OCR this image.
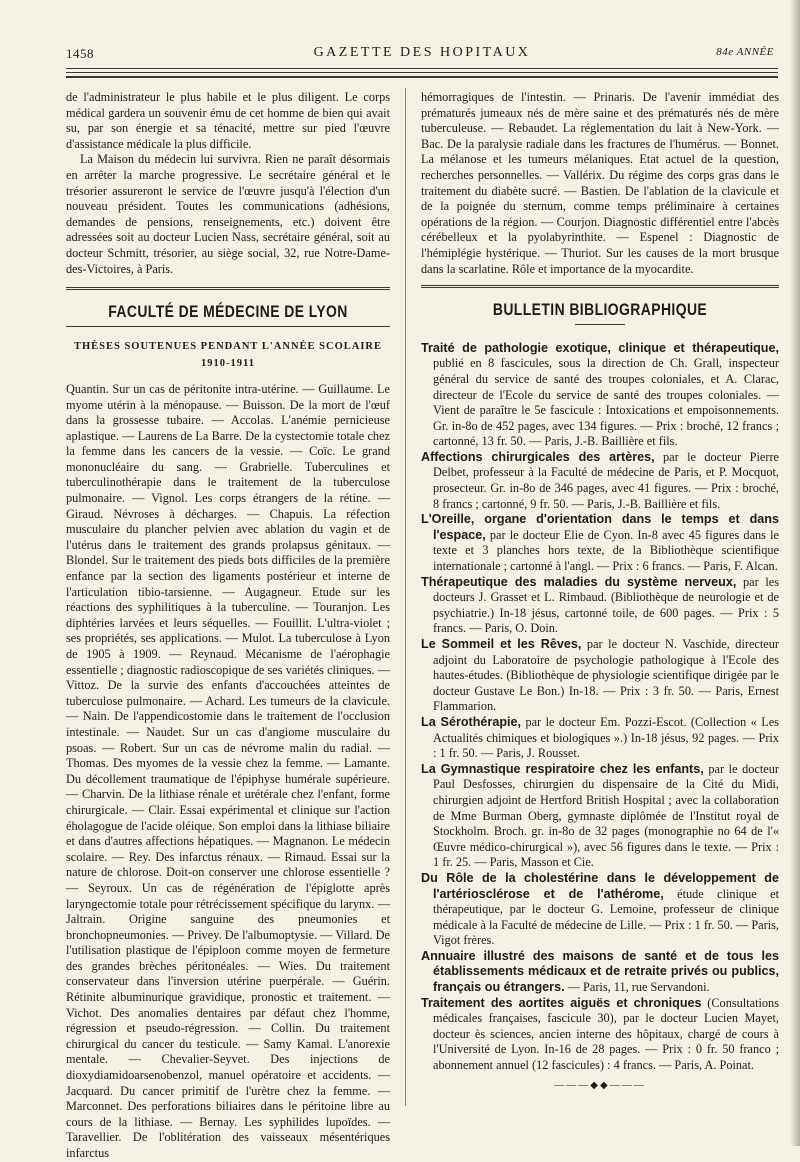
1458	GAZETTE DES HOPITAUX	84e ANNÉE

de l'administrateur le plus habile et le plus diligent. Le corps médical gardera un souvenir ému de cet homme de bien qui avait su, par son énergie et sa ténacité, mettre sur pied l'œuvre d'assistance médicale la plus difficile.

La Maison du médecin lui survivra. Rien ne paraît désormais en arrêter la marche progressive. Le secrétaire général et le trésorier assureront le service de l'œuvre jusqu'à l'élection d'un nouveau président. Toutes les communications (adhésions, demandes de pensions, renseignements, etc.) doivent être adressées soit au docteur Lucien Nass, secrétaire général, soit au docteur Schmitt, trésorier, au siège social, 32, rue Notre-Dame-des-Victoires, à Paris.

FACULTÉ DE MÉDECINE DE LYON
THÈSES SOUTENUES PENDANT L'ANNÉE SCOLAIRE
1910-1911

Quantin. Sur un cas de péritonite intra-utérine. — Guillaume. Le myome utérin à la ménopause. — Buisson. De la mort de l'œuf dans la grossesse tubaire. — Accolas. L'anémie pernicieuse aplastique. — Laurens de La Barre. De la cystectomie totale chez la femme dans les cancers de la vessie. — Coïc. Le grand mononucléaire du sang. — Grabrielle. Tuberculines et tuberculinothérapie dans le traitement de la tuberculose pulmonaire. — Vignol. Les corps étrangers de la rétine. — Giraud. Névroses à décharges. — Chapuis. La réfection musculaire du plancher pelvien avec ablation du vagin et de l'utérus dans le traitement des grands prolapsus génitaux. — Blondel. Sur le traitement des pieds bots difficiles de la première enfance par la section des ligaments postérieur et interne de l'articulation tibio-tarsienne. — Augagneur. Etude sur les réactions des syphilitiques à la tuberculine. — Touranjon. Les diphtéries larvées et leurs séquelles. — Fouillit. L'ultra-violet ; ses propriétés, ses applications. — Mulot. La tuberculose à Lyon de 1905 à 1909. — Reynaud. Mécanisme de l'aérophagie essentielle ; diagnostic radioscopique de ses variétés cliniques. — Vittoz. De la survie des enfants d'accouchées atteintes de tuberculose pulmonaire. — Achard. Les tumeurs de la clavicule. — Nain. De l'appendicostomie dans le traitement de l'occlusion intestinale. — Naudet. Sur un cas d'angiome musculaire du psoas. — Robert. Sur un cas de névrome malin du radial. — Thomas. Des myomes de la vessie chez la femme. — Lamante. Du décollement traumatique de l'épiphyse humérale supérieure. — Charvin. De la lithiase rénale et urétérale chez l'enfant, forme chirurgicale. — Clair. Essai expérimental et clinique sur l'action éholagogue de l'acide oléique. Son emploi dans la lithiase biliaire et dans d'autres affections hépatiques. — Magnanon. Le médecin scolaire. — Rey. Des infarctus rénaux. — Rimaud. Essai sur la nature de chlorose. Doit-on conserver une chlorose essentielle ? — Seyroux. Un cas de régénération de l'épiglotte après laryngectomie totale pour rétrécissement spécifique du larynx. — Jaltrain. Origine sanguine des pneumonies et bronchopneumonies. — Privey. De l'albumoptysie. — Villard. De l'utilisation plastique de l'épiploon comme moyen de fermeture des grandes brèches péritonéales. — Wies. Du traitement conservateur dans l'inversion utérine puerpérale. — Guérin. Rétinite albuminurique gravidique, pronostic et traitement. — Vichot. Des anomalies dentaires par défaut chez l'homme, régression et pseudo-régression. — Collin. Du traitement chirurgical du cancer du testicule. — Samy Kamal. L'anorexie mentale. — Chevalier-Seyvet. Des injections de dioxydiamidoarsenobenzol, manuel opératoire et accidents. — Jacquard. Du cancer primitif de l'urètre chez la femme. — Marconnet. Des perforations biliaires dans le péritoine libre au cours de la lithiase. — Bernay. Les syphilides lupoïdes. — Taravellier. De l'oblitération des vaisseaux mésentériques infarctus

hémorragiques de l'intestin. — Prinaris. De l'avenir immédiat des prématurés jumeaux nés de mère saine et des prématurés nés de mère tuberculeuse. — Rebaudet. La réglementation du lait à New-York. — Bac. De la paralysie radiale dans les fractures de l'humérus. — Bonnet. La mélanose et les tumeurs mélaniques. Etat actuel de la question, recherches personnelles. — Vallérix. Du régime des corps gras dans le traitement du diabète sucré. — Bastien. De l'ablation de la clavicule et de la poignée du sternum, comme temps préliminaire à certaines opérations de la région. — Courjon. Diagnostic différentiel entre l'abcès cérébelleux et la pyolabyrinthite. — Espenel : Diagnostic de l'hémiplégie hystérique. — Thuriot. Sur les causes de la mort brusque dans la scarlatine. Rôle et importance de la myocardite.

BULLETIN BIBLIOGRAPHIQUE

Traité de pathologie exotique, clinique et thérapeutique, publié en 8 fascicules, sous la direction de Ch. Grall, inspecteur général du service de santé des troupes coloniales, et A. Clarac, directeur de l'Ecole du service de santé des troupes coloniales. — Vient de paraître le 5e fascicule : Intoxications et empoisonnements. Gr. in-8o de 452 pages, avec 134 figures. — Prix : broché, 12 francs ; cartonné, 13 fr. 50. — Paris, J.-B. Baillière et fils.

Affections chirurgicales des artères, par le docteur Pierre Delbet, professeur à la Faculté de médecine de Paris, et P. Mocquot, prosecteur. Gr. in-8o de 346 pages, avec 41 figures. — Prix : broché, 8 francs ; cartonné, 9 fr. 50. — Paris, J.-B. Baillière et fils.

L'Oreille, organe d'orientation dans le temps et dans l'espace, par le docteur Elie de Cyon. In-8 avec 45 figures dans le texte et 3 planches hors texte, de la Bibliothèque scientifique internationale ; cartonné à l'angl. — Prix : 6 francs. — Paris, F. Alcan.

Thérapeutique des maladies du système nerveux, par les docteurs J. Grasset et L. Rimbaud. (Bibliothèque de neurologie et de psychiatrie.) In-18 jésus, cartonné toile, de 600 pages. — Prix : 5 francs. — Paris, O. Doin.

Le Sommeil et les Rêves, par le docteur N. Vaschide, directeur adjoint du Laboratoire de psychologie pathologique à l'Ecole des hautes-études. (Bibliothèque de physiologie scientifique dirigée par le docteur Gustave Le Bon.) In-18. — Prix : 3 fr. 50. — Paris, Ernest Flammarion.

La Sérothérapie, par le docteur Em. Pozzi-Escot. (Collection « Les Actualités chimiques et biologiques ».) In-18 jésus, 92 pages. — Prix : 1 fr. 50. — Paris, J. Rousset.

La Gymnastique respiratoire chez les enfants, par le docteur Paul Desfosses, chirurgien du dispensaire de la Cité du Midi, chirurgien adjoint de Hertford British Hospital ; avec la collaboration de Mme Burman Oberg, gymnaste diplômée de l'Institut royal de Stockholm. Broch. gr. in-8o de 32 pages (monographie no 64 de l'« Œuvre médico-chirurgical »), avec 56 figures dans le texte. — Prix : 1 fr. 25. — Paris, Masson et Cie.

Du Rôle de la cholestérine dans le développement de l'artériosclérose et de l'athérome, étude clinique et thérapeutique, par le docteur G. Lemoine, professeur de clinique médicale à la Faculté de médecine de Lille. — Prix : 1 fr. 50. — Paris, Vigot frères.

Annuaire illustré des maisons de santé et de tous les établissements médicaux et de retraite privés ou publics, français ou étrangers. — Paris, 11, rue Servandoni.

Traitement des aortites aiguës et chroniques (Consultations médicales françaises, fascicule 30), par le docteur Lucien Mayet, docteur ès sciences, ancien interne des hôpitaux, chargé de cours à l'Université de Lyon. In-16 de 28 pages. — Prix : 0 fr. 50 franco ; abonnement annuel (12 fascicules) : 4 francs. — Paris, A. Poinat.

———◆◆———
